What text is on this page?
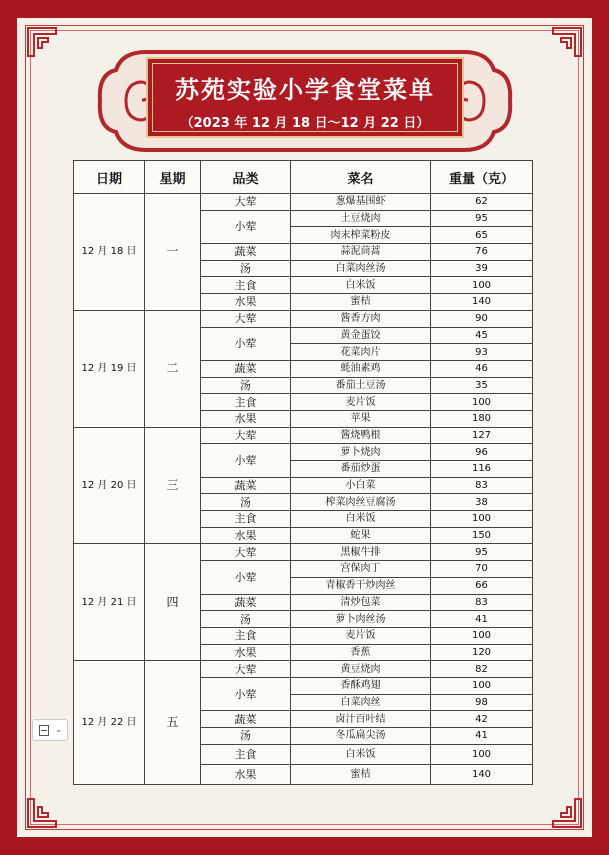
苏苑实验小学食堂菜单
（2023 年 12 月 18 日～12 月 22 日）
日期	星期	品类	菜名	重量（克）
12 月 18 日	一	大荤	葱爆基围虾	62
		小荤	土豆烧肉	95
			肉末榨菜粉皮	65
		蔬菜	蒜泥茼蒿	76
		汤	白菜肉丝汤	39
		主食	白米饭	100
		水果	蜜桔	140
12 月 19 日	二	大荤	酱香方肉	90
		小荤	黄金蛋饺	45
			花菜肉片	93
		蔬菜	蚝油素鸡	46
		汤	番茄土豆汤	35
		主食	麦片饭	100
		水果	苹果	180
12 月 20 日	三	大荤	酱烧鸭根	127
		小荤	萝卜烧肉	96
			番茄炒蛋	116
		蔬菜	小白菜	83
		汤	榨菜肉丝豆腐汤	38
		主食	白米饭	100
		水果	蛇果	150
12 月 21 日	四	大荤	黑椒牛排	95
		小荤	宫保肉丁	70
			青椒香干炒肉丝	66
		蔬菜	清炒包菜	83
		汤	萝卜肉丝汤	41
		主食	麦片饭	100
		水果	香蕉	120
12 月 22 日	五	大荤	黄豆烧肉	82
		小荤	香酥鸡翅	100
			白菜肉丝	98
		蔬菜	卤汁百叶结	42
		汤	冬瓜扁尖汤	41
		主食	白米饭	100
		水果	蜜桔	140
⌄
